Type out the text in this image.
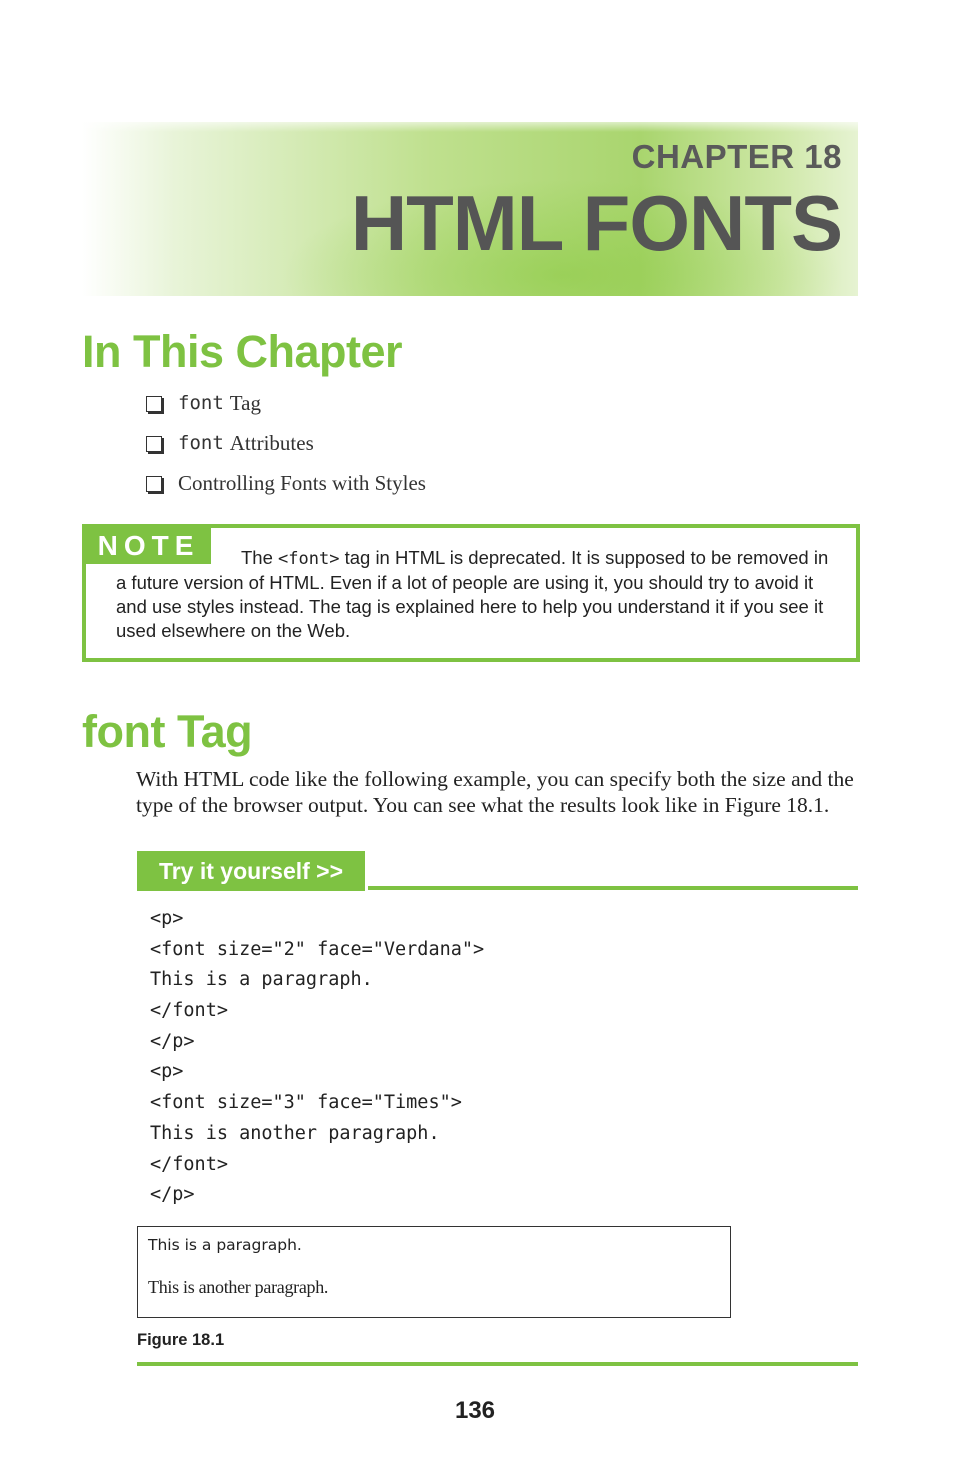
CHAPTER 18
HTML FONTS
In This Chapter
font Tag
font Attributes
Controlling Fonts with Styles
NOTE	The <font> tag in HTML is deprecated. It is supposed to be removed in a future version of HTML. Even if a lot of people are using it, you should try to avoid it and use styles instead. The tag is explained here to help you understand it if you see it used elsewhere on the Web.

font Tag

With HTML code like the following example, you can specify both the size and the type of the browser output. You can see what the results look like in Figure 18.1.

Try it yourself >>
<p>
<font size="2" face="Verdana">
This is a paragraph.
</font>
</p>
<p>
<font size="3" face="Times">
This is another paragraph.
</font>
</p>
This is a paragraph.
This is another paragraph.
Figure 18.1
136
